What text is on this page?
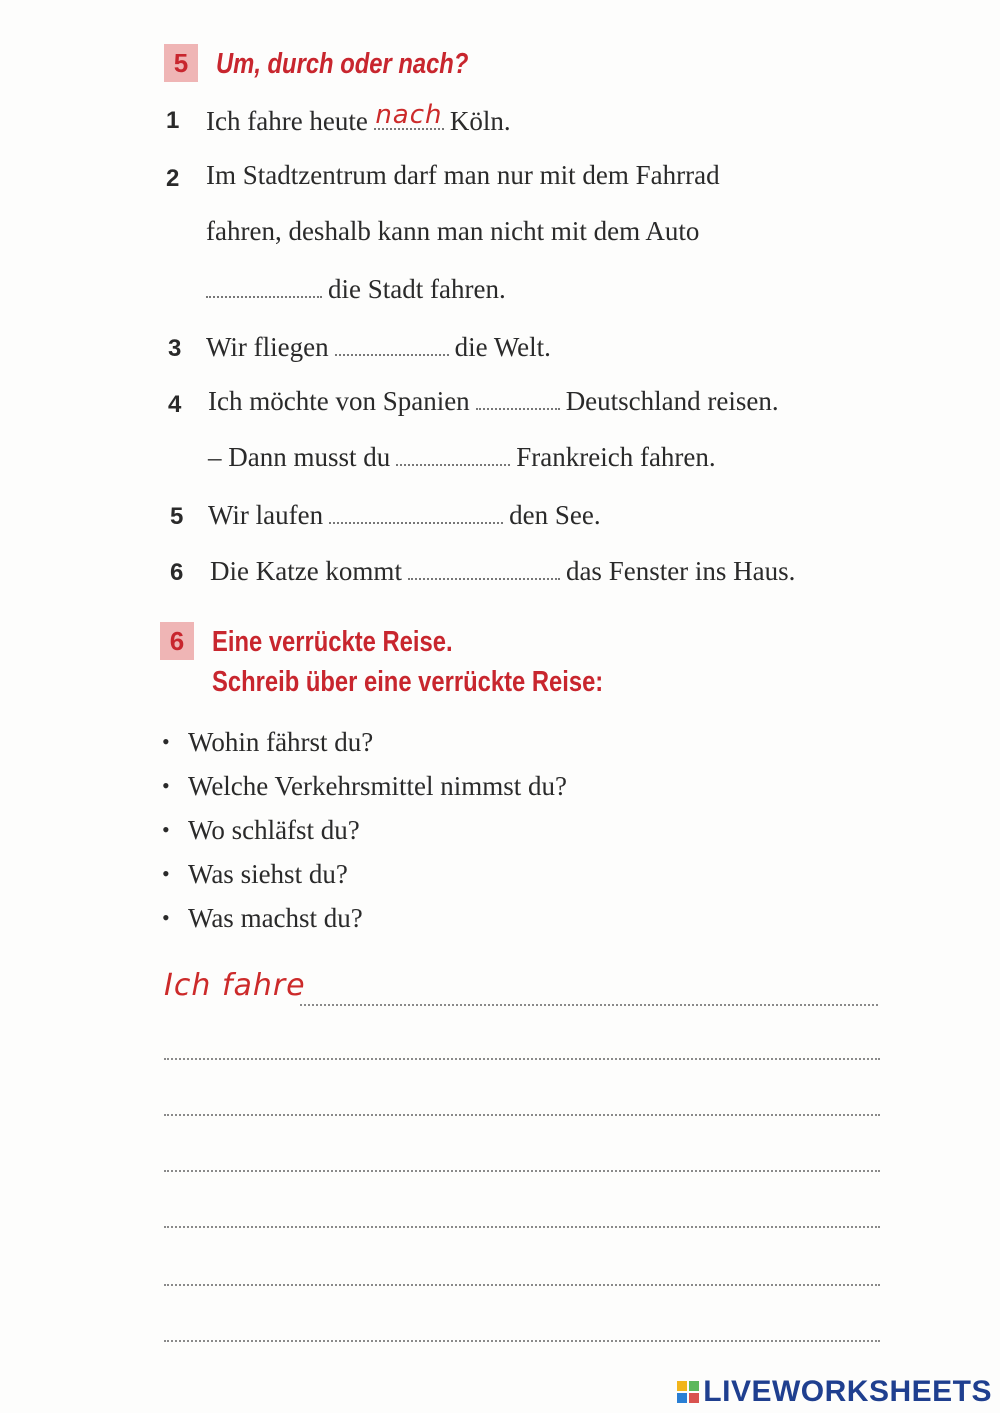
5 Um, durch oder nach?
1 Ich fahre heute nach Köln.
2 Im Stadtzentrum darf man nur mit dem Fahrrad
fahren, deshalb kann man nicht mit dem Auto
die Stadt fahren.
3 Wir fliegen	die Welt.
4 Ich möchte von Spanien	Deutschland reisen.
– Dann musst du	Frankreich fahren.
5 Wir laufen	den See.
6 Die Katze kommt	das Fenster ins Haus.
6 Eine verrückte Reise.
Schreib über eine verrückte Reise:
• Wohin fährst du?
• Welche Verkehrsmittel nimmst du?
• Wo schläfst du?
• Was siehst du?
• Was machst du?
Ich fahre
LIVEWORKSHEETS
